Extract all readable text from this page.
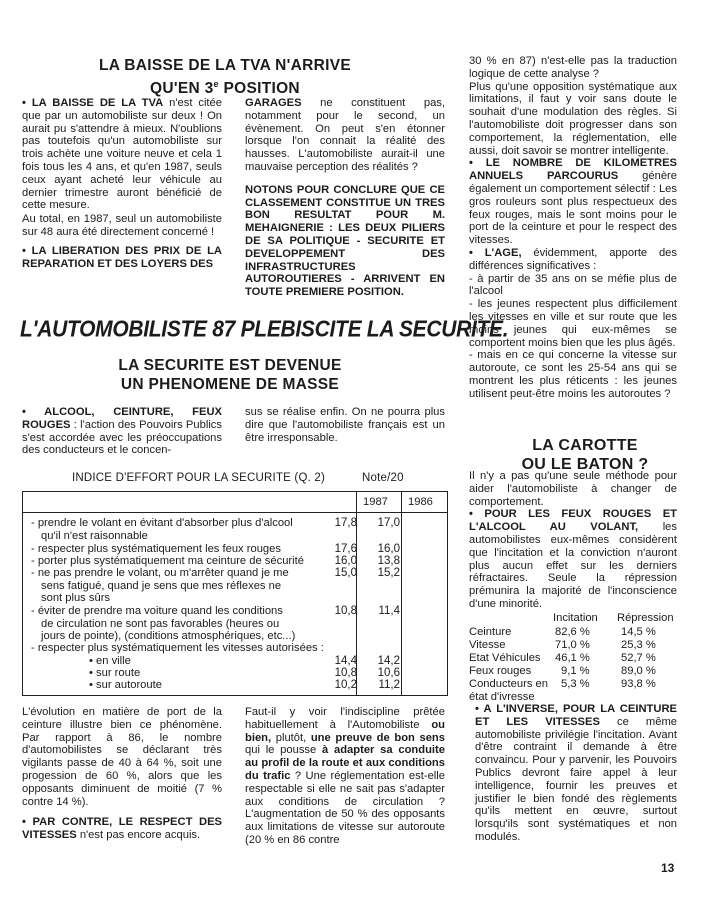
LA BAISSE DE LA TVA N'ARRIVE
QU'EN 3e POSITION

• LA BAISSE DE LA TVA n'est citée que par un automobiliste sur deux ! On aurait pu s'attendre à mieux. N'oublions pas toutefois qu'un automobiliste sur trois achète une voiture neuve et cela 1 fois tous les 4 ans, et qu'en 1987, seuls ceux ayant acheté leur véhicule au dernier trimestre auront bénéficié de cette mesure.

Au total, en 1987, seul un automobiliste sur 48 aura été directement concerné !

• LA LIBERATION DES PRIX DE LA REPARATION ET DES LOYERS DES

GARAGES ne constituent pas, notamment pour le second, un évènement. On peut s'en étonner lorsque l'on connait la réalité des hausses. L'automobiliste aurait-il une mauvaise perception des réalités ?

NOTONS POUR CONCLURE QUE CE CLASSEMENT CONSTITUE UN TRES BON RESULTAT POUR M. MEHAIGNERIE : LES DEUX PILIERS DE SA POLITIQUE - SECURITE ET DEVELOPPEMENT DES INFRASTRUCTURES AUTOROUTIERES - ARRIVENT EN TOUTE PREMIERE POSITION.

L'AUTOMOBILISTE 87 PLEBISCITE LA SECURITE.
LA SECURITE EST DEVENUE
UN PHENOMENE DE MASSE

• ALCOOL, CEINTURE, FEUX ROUGES : l'action des Pouvoirs Publics s'est accordée avec les préoccupations des conducteurs et le concen-

sus se réalise enfin. On ne pourra plus dire que l'automobiliste français est un être irresponsable.

INDICE D'EFFORT POUR LA SECURITE (Q. 2)	Note/20
1987 1986
- prendre le volant en évitant d'absorber plus d'alcool
qu'il n'est raisonnable
17,8	17,0
- respecter plus systématiquement les feux rouges	17,6	16,0
- porter plus systématiquement ma ceinture de sécurité	16,0	13,8
- ne pas prendre le volant, ou m'arrêter quand je me
sens fatigué, quand je sens que mes réflexes ne
sont plus sûrs
15,0	15,2
- éviter de prendre ma voiture quand les conditions
de circulation ne sont pas favorables (heures ou
jours de pointe), (conditions atmosphériques, etc...)
10,8	11,4
- respecter plus systématiquement les vitesses autorisées :
• en ville	14,4	14,2
• sur route	10,8	10,6
• sur autoroute	10,2	11,2

L'évolution en matière de port de la ceinture illustre bien ce phénomène. Par rapport à 86, le nombre d'automobilistes se déclarant très vigilants passe de 40 à 64 %, soit une progession de 60 %, alors que les opposants diminuent de moitié (7 % contre 14 %).

• PAR CONTRE, LE RESPECT DES VITESSES n'est pas encore acquis.

Faut-il y voir l'indiscipline prêtée habituellement à l'Automobiliste ou bien, plutôt, une preuve de bon sens qui le pousse à adapter sa conduite au profil de la route et aux conditions du trafic ? Une réglementation est-elle respectable si elle ne sait pas s'adapter aux conditions de circulation ? L'augmentation de 50 % des opposants aux limitations de vitesse sur autoroute (20 % en 86 contre

30 % en 87) n'est-elle pas la traduction logique de cette analyse ?

Plus qu'une opposition systématique aux limitations, il faut y voir sans doute le souhait d'une modulation des règles. Si l'automobiliste doit progresser dans son comportement, la réglementation, elle aussi, doit savoir se montrer intelligente.

• LE NOMBRE DE KILOMETRES ANNUELS PARCOURUS génère également un comportement sélectif : Les gros rouleurs sont plus respectueux des feux rouges, mais le sont moins pour le port de la ceinture et pour le respect des vitesses.

• L'AGE, évidemment, apporte des différences significatives :

- à partir de 35 ans on se méfie plus de l'alcool

- les jeunes respectent plus difficilement les vitesses en ville et sur route que les moins jeunes qui eux-mêmes se comportent moins bien que les plus âgés.

- mais en ce qui concerne la vitesse sur autoroute, ce sont les 25-54 ans qui se montrent les plus réticents : les jeunes utilisent peut-être moins les autoroutes ?

LA CAROTTE
OU LE BATON ?

Il n'y a pas qu'une seule méthode pour aider l'automobiliste à changer de comportement.

• POUR LES FEUX ROUGES ET L'ALCOOL AU VOLANT, les automobilistes eux-mêmes considèrent que l'incitation et la conviction n'auront plus aucun effet sur les derniers réfractaires. Seule la répression prémunira la majorité de l'inconscience d'une minorité.

Incitation Répression
Ceinture	82,6 %	14,5 %
Vitesse	71,0 %	25,3 %
Etat Véhicules 46,1 %	52,7 %
Feux rouges	9,1 %	89,0 %
Conducteurs en 5,3 %	93,8 %
état d'ivresse

• A L'INVERSE, POUR LA CEINTURE ET LES VITESSES ce même automobiliste privilégie l'incitation. Avant d'être contraint il demande à être convaincu. Pour y parvenir, les Pouvoirs Publics devront faire appel à leur intelligence, fournir les preuves et justifier le bien fondé des règlements qu'ils mettent en œuvre, surtout lorsqu'ils sont systématiques et non modulés.

13
